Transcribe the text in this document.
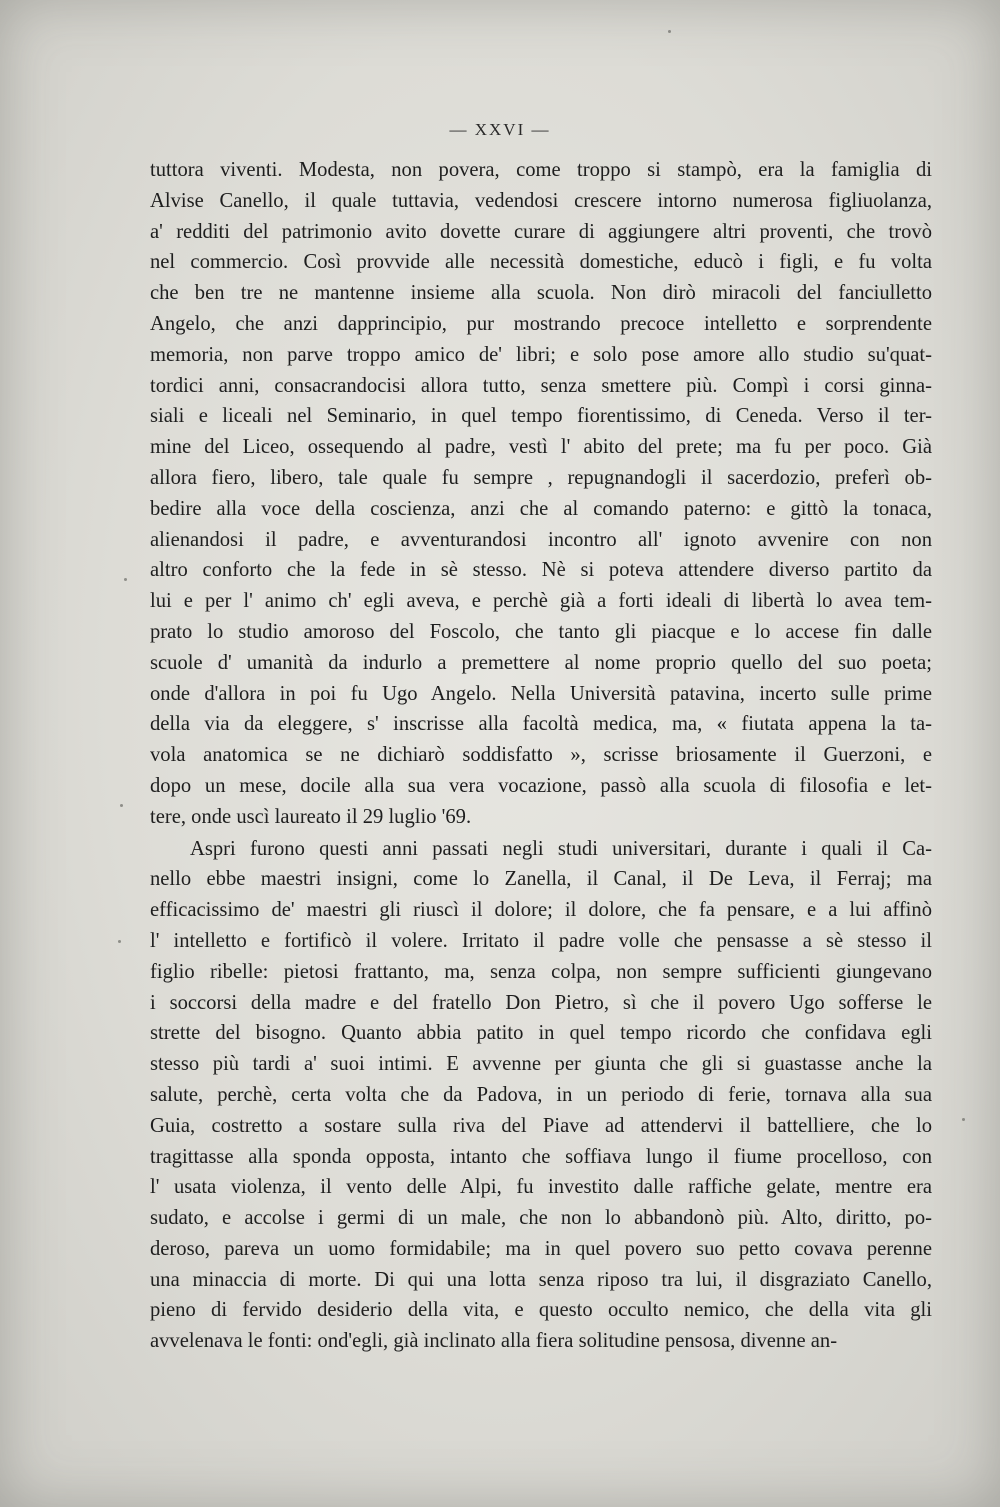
— XXVI —
tuttora viventi. Modesta, non povera, come troppo si stampò, era la famiglia di
Alvise Canello, il quale tuttavia, vedendosi crescere intorno numerosa figliuolanza,
a' redditi del patrimonio avito dovette curare di aggiungere altri proventi, che trovò
nel commercio. Così provvide alle necessità domestiche, educò i figli, e fu volta
che ben tre ne mantenne insieme alla scuola. Non dirò miracoli del fanciulletto
Angelo, che anzi dapprincipio, pur mostrando precoce intelletto e sorprendente
memoria, non parve troppo amico de' libri; e solo pose amore allo studio su'quat-
tordici anni, consacrandocisi allora tutto, senza smettere più. Compì i corsi ginna-
siali e liceali nel Seminario, in quel tempo fiorentissimo, di Ceneda. Verso il ter-
mine del Liceo, ossequendo al padre, vestì l' abito del prete; ma fu per poco. Già
allora fiero, libero, tale quale fu sempre , repugnandogli il sacerdozio, preferì ob-
bedire alla voce della coscienza, anzi che al comando paterno: e gittò la tonaca,
alienandosi il padre, e avventurandosi incontro all' ignoto avvenire con non
altro conforto che la fede in sè stesso. Nè si poteva attendere diverso partito da
lui e per l' animo ch' egli aveva, e perchè già a forti ideali di libertà lo avea tem-
prato lo studio amoroso del Foscolo, che tanto gli piacque e lo accese fin dalle
scuole d' umanità da indurlo a premettere al nome proprio quello del suo poeta;
onde d'allora in poi fu Ugo Angelo. Nella Università patavina, incerto sulle prime
della via da eleggere, s' inscrisse alla facoltà medica, ma, « fiutata appena la ta-
vola anatomica se ne dichiarò soddisfatto », scrisse briosamente il Guerzoni, e
dopo un mese, docile alla sua vera vocazione, passò alla scuola di filosofia e let-
tere, onde uscì laureato il 29 luglio '69.
Aspri furono questi anni passati negli studi universitari, durante i quali il Ca-
nello ebbe maestri insigni, come lo Zanella, il Canal, il De Leva, il Ferraj; ma
efficacissimo de' maestri gli riuscì il dolore; il dolore, che fa pensare, e a lui affinò
l' intelletto e fortificò il volere. Irritato il padre volle che pensasse a sè stesso il
figlio ribelle: pietosi frattanto, ma, senza colpa, non sempre sufficienti giungevano
i soccorsi della madre e del fratello Don Pietro, sì che il povero Ugo sofferse le
strette del bisogno. Quanto abbia patito in quel tempo ricordo che confidava egli
stesso più tardi a' suoi intimi. E avvenne per giunta che gli si guastasse anche la
salute, perchè, certa volta che da Padova, in un periodo di ferie, tornava alla sua
Guia, costretto a sostare sulla riva del Piave ad attendervi il battelliere, che lo
tragittasse alla sponda opposta, intanto che soffiava lungo il fiume procelloso, con
l' usata violenza, il vento delle Alpi, fu investito dalle raffiche gelate, mentre era
sudato, e accolse i germi di un male, che non lo abbandonò più. Alto, diritto, po-
deroso, pareva un uomo formidabile; ma in quel povero suo petto covava perenne
una minaccia di morte. Di qui una lotta senza riposo tra lui, il disgraziato Canello,
pieno di fervido desiderio della vita, e questo occulto nemico, che della vita gli
avvelenava le fonti: ond'egli, già inclinato alla fiera solitudine pensosa, divenne an-
